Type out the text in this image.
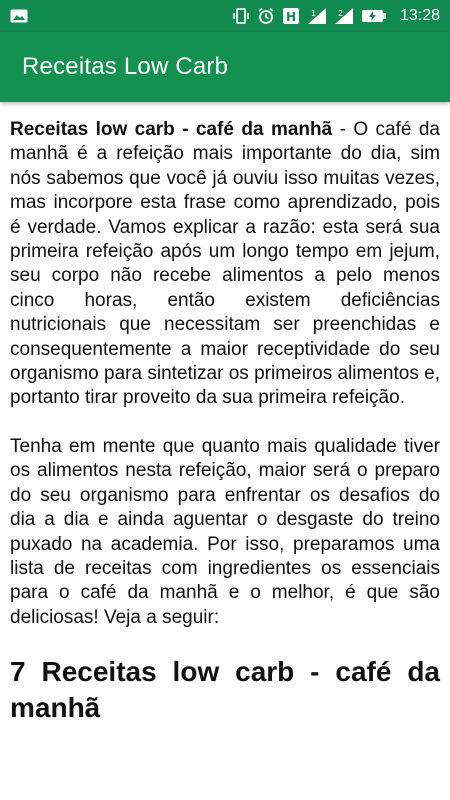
H 1	2	13:28
Receitas Low Carb

Receitas low carb - café da manhã - O café da manhã é a refeição mais importante do dia, sim nós sabemos que você já ouviu isso muitas vezes, mas incorpore esta frase como aprendizado, pois é verdade. Vamos explicar a razão: esta será sua primeira refeição após um longo tempo em jejum, seu corpo não recebe alimentos a pelo menos cinco horas, então existem deficiências nutricionais que necessitam ser preenchidas e consequentemente a maior receptividade do seu organismo para sintetizar os primeiros alimentos e, portanto tirar proveito da sua primeira refeição.

Tenha em mente que quanto mais qualidade tiver os alimentos nesta refeição, maior será o preparo do seu organismo para enfrentar os desafios do dia a dia e ainda aguentar o desgaste do treino puxado na academia. Por isso, preparamos uma lista de receitas com ingredientes os essenciais para o café da manhã e o melhor, é que são deliciosas! Veja a seguir:

7 Receitas low carb - café da manhã
